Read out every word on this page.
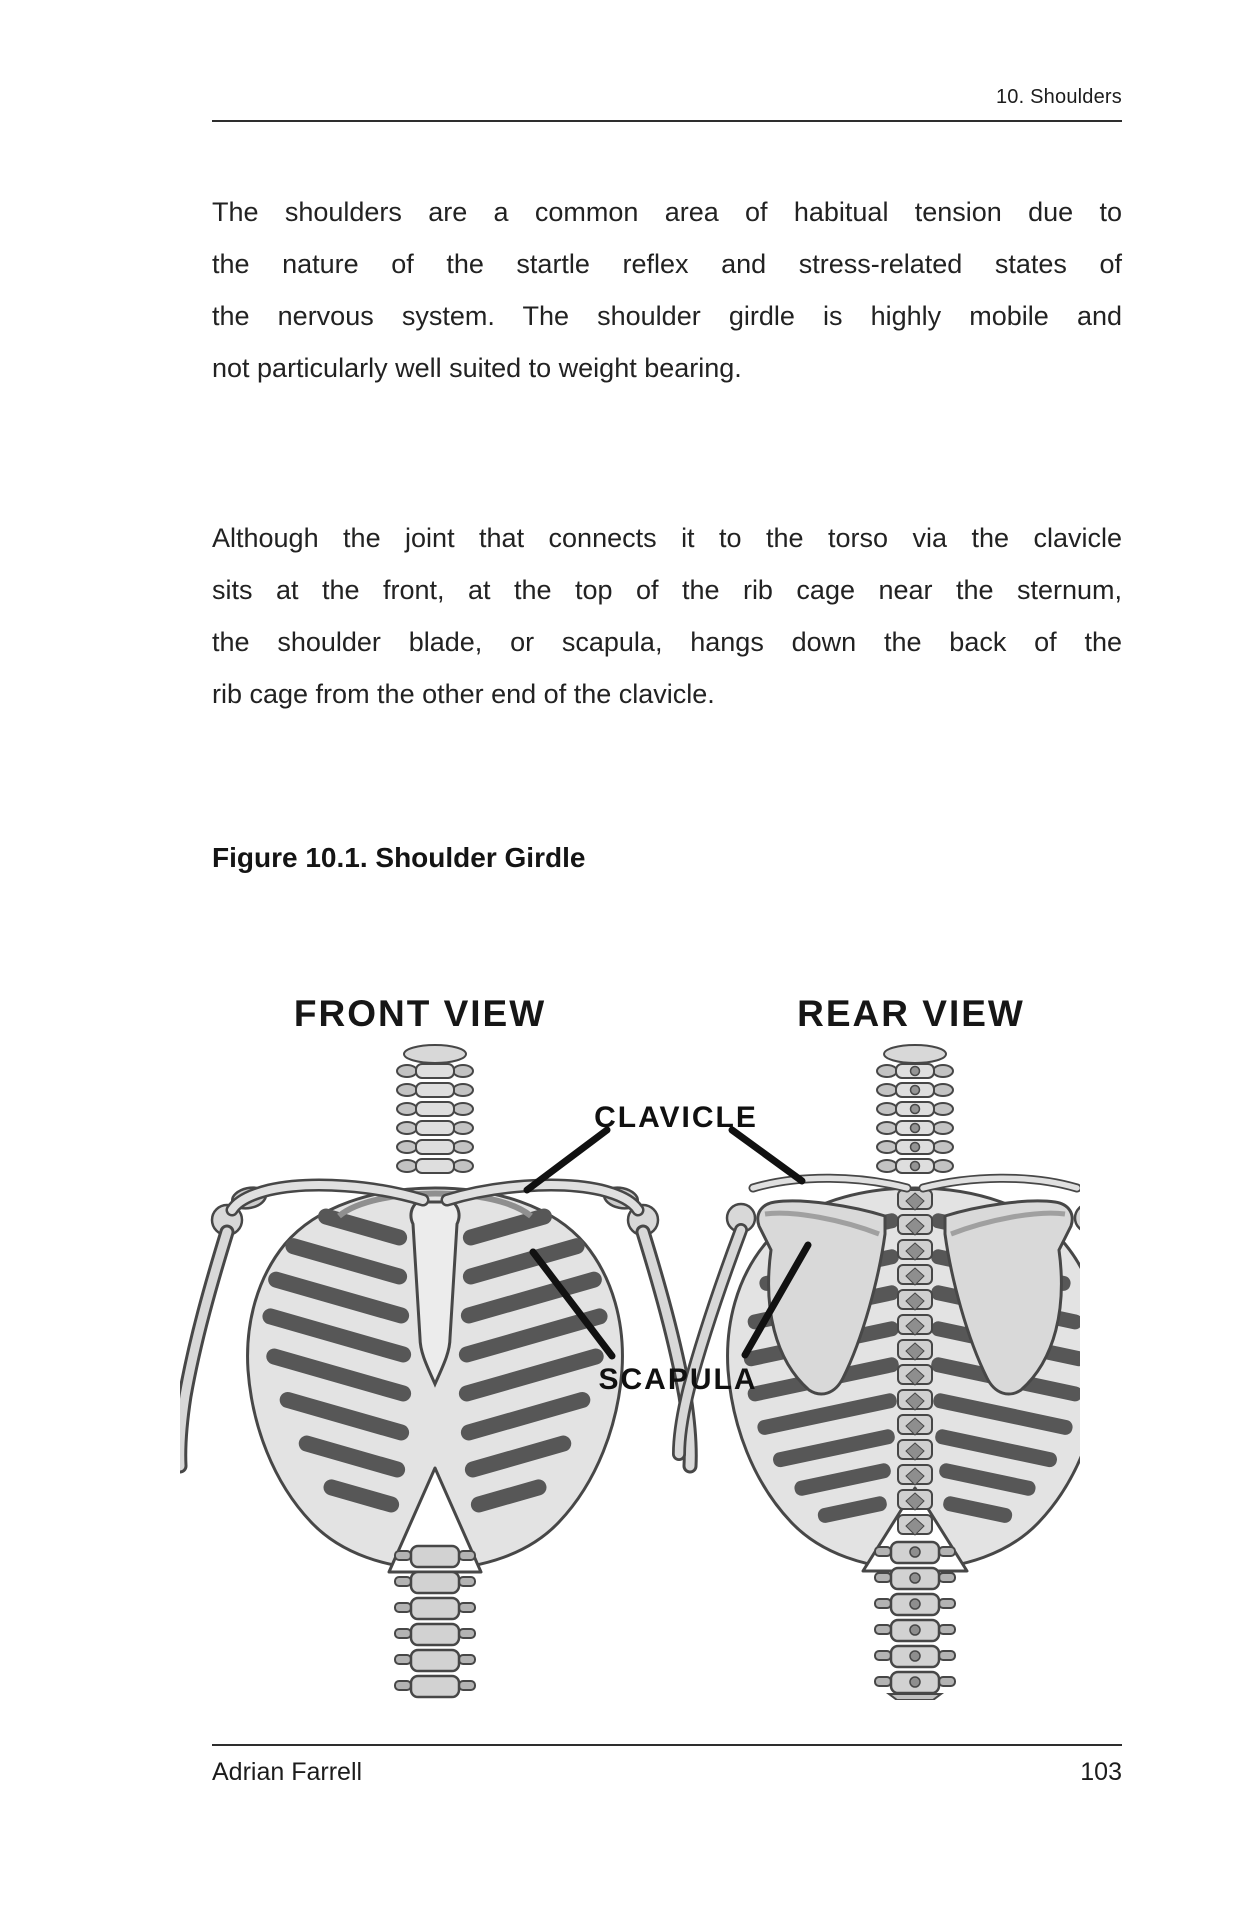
10. Shoulders
The shoulders are a common area of habitual tension due to
the nature of the startle reflex and stress-related states of
the nervous system. The shoulder girdle is highly mobile and
not particularly well suited to weight bearing.
Although the joint that connects it to the torso via the clavicle
sits at the front, at the top of the rib cage near the sternum,
the shoulder blade, or scapula, hangs down the back of the
rib cage from the other end of the clavicle.
Figure 10.1. Shoulder Girdle
FRONT VIEW	REAR VIEW
CLAVICLE
SCAPULA
Adrian Farrell	103
